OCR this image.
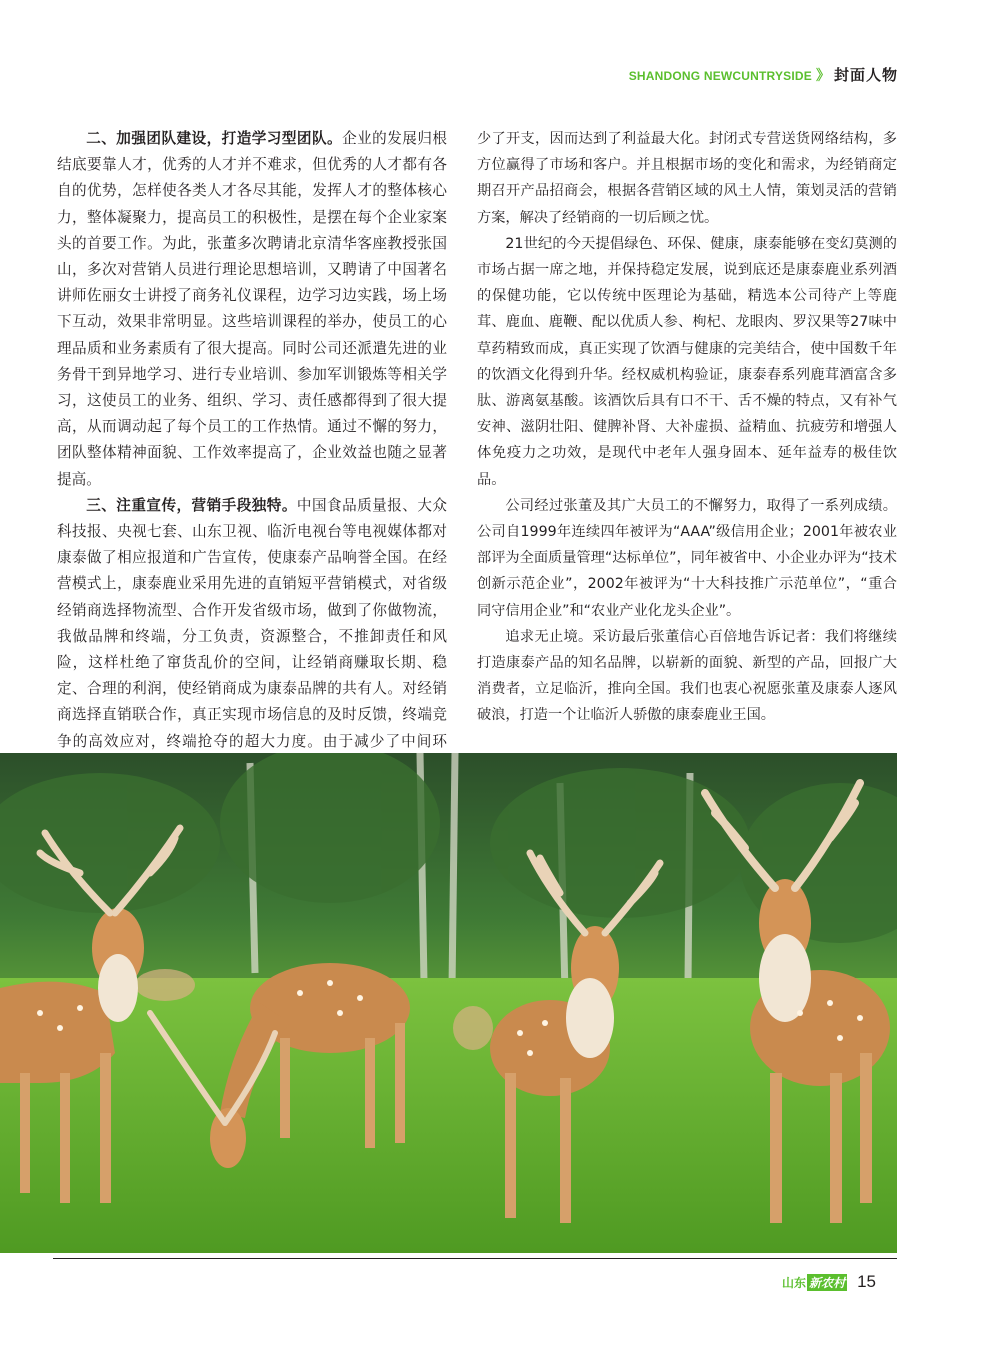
SHANDONG NEWCUNTRYSIDE 》 封面人物

二、加强团队建设，打造学习型团队。企业的发展归根结底要靠人才，优秀的人才并不难求，但优秀的人才都有各自的优势，怎样使各类人才各尽其能，发挥人才的整体核心力，整体凝聚力，提高员工的积极性，是摆在每个企业家案头的首要工作。为此，张董多次聘请北京清华客座教授张国山，多次对营销人员进行理论思想培训，又聘请了中国著名讲师佐丽女士讲授了商务礼仪课程，边学习边实践，场上场下互动，效果非常明显。这些培训课程的举办，使员工的心理品质和业务素质有了很大提高。同时公司还派遣先进的业务骨干到异地学习、进行专业培训、参加军训锻炼等相关学习，这使员工的业务、组织、学习、责任感都得到了很大提高，从而调动起了每个员工的工作热情。通过不懈的努力，团队整体精神面貌、工作效率提高了，企业效益也随之显著提高。

三、注重宣传，营销手段独特。中国食品质量报、大众科技报、央视七套、山东卫视、临沂电视台等电视媒体都对康泰做了相应报道和广告宣传，使康泰产品响誉全国。在经营模式上，康泰鹿业采用先进的直销短平营销模式，对省级经销商选择物流型、合作开发省级市场，做到了你做物流，我做品牌和终端，分工负责，资源整合，不推卸责任和风险，这样杜绝了窜货乱价的空间，让经销商赚取长期、稳定、合理的利润，使经销商成为康泰品牌的共有人。对经销商选择直销联合作，真正实现市场信息的及时反馈，终端竞争的高效应对，终端抢夺的超大力度。由于减少了中间环

少了开支，因而达到了利益最大化。封闭式专营送货网络结构，多方位赢得了市场和客户。并且根据市场的变化和需求，为经销商定期召开产品招商会，根据各营销区域的风土人情，策划灵活的营销方案，解决了经销商的一切后顾之忧。

21世纪的今天提倡绿色、环保、健康，康泰能够在变幻莫测的市场占据一席之地，并保持稳定发展，说到底还是康泰鹿业系列酒的保健功能，它以传统中医理论为基础，精选本公司待产上等鹿茸、鹿血、鹿鞭、配以优质人参、枸杞、龙眼肉、罗汉果等27味中草药精致而成，真正实现了饮酒与健康的完美结合，使中国数千年的饮酒文化得到升华。经权威机构验证，康泰春系列鹿茸酒富含多肽、游离氨基酸。该酒饮后具有口不干、舌不燥的特点，又有补气安神、滋阴壮阳、健脾补肾、大补虚损、益精血、抗疲劳和增强人体免疫力之功效，是现代中老年人强身固本、延年益寿的极佳饮品。

公司经过张董及其广大员工的不懈努力，取得了一系列成绩。公司自1999年连续四年被评为“AAA”级信用企业；2001年被农业部评为全面质量管理“达标单位”，同年被省中、小企业办评为“技术创新示范企业”，2002年被评为“十大科技推广示范单位”，“重合同守信用企业”和“农业产业化龙头企业”。

追求无止境。采访最后张董信心百倍地告诉记者：我们将继续打造康泰产品的知名品牌，以崭新的面貌、新型的产品，回报广大消费者，立足临沂，推向全国。我们也衷心祝愿张董及康泰人逐风破浪，打造一个让临沂人骄傲的康泰鹿业王国。

山东 新农村 15
